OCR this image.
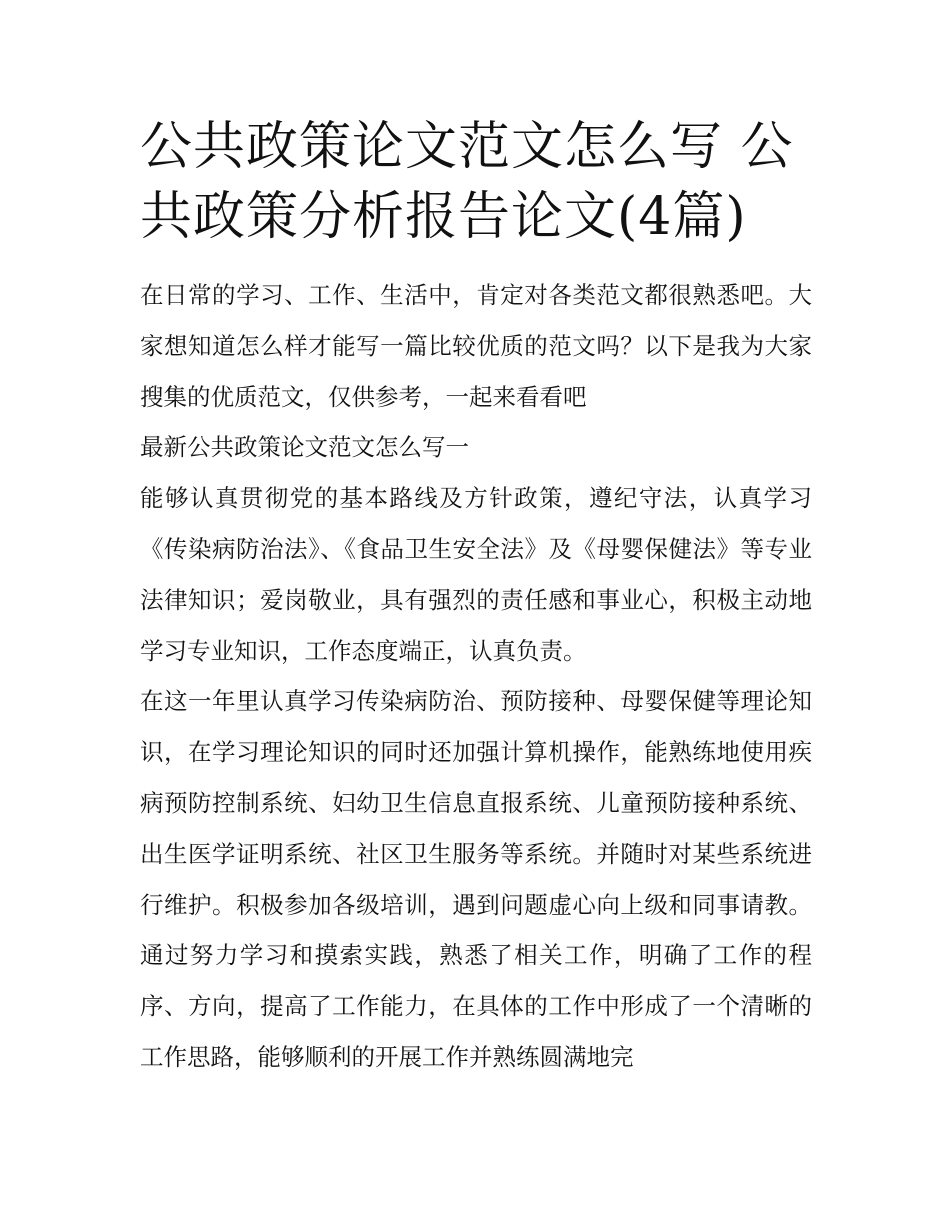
公共政策论文范文怎么写 公共政策分析报告论文(4篇)

在日常的学习、工作、生活中，肯定对各类范文都很熟悉吧。大家想知道怎么样才能写一篇比较优质的范文吗？以下是我为大家搜集的优质范文，仅供参考，一起来看看吧

最新公共政策论文范文怎么写一

能够认真贯彻党的基本路线及方针政策，遵纪守法，认真学习《传染病防治法》、《食品卫生安全法》及《母婴保健法》等专业法律知识；爱岗敬业，具有强烈的责任感和事业心，积极主动地学习专业知识，工作态度端正，认真负责。

在这一年里认真学习传染病防治、预防接种、母婴保健等理论知识，在学习理论知识的同时还加强计算机操作，能熟练地使用疾病预防控制系统、妇幼卫生信息直报系统、儿童预防接种系统、出生医学证明系统、社区卫生服务等系统。并随时对某些系统进行维护。积极参加各级培训，遇到问题虚心向上级和同事请教。通过努力学习和摸索实践，熟悉了相关工作，明确了工作的程序、方向，提高了工作能力，在具体的工作中形成了一个清晰的工作思路，能够顺利的开展工作并熟练圆满地完
